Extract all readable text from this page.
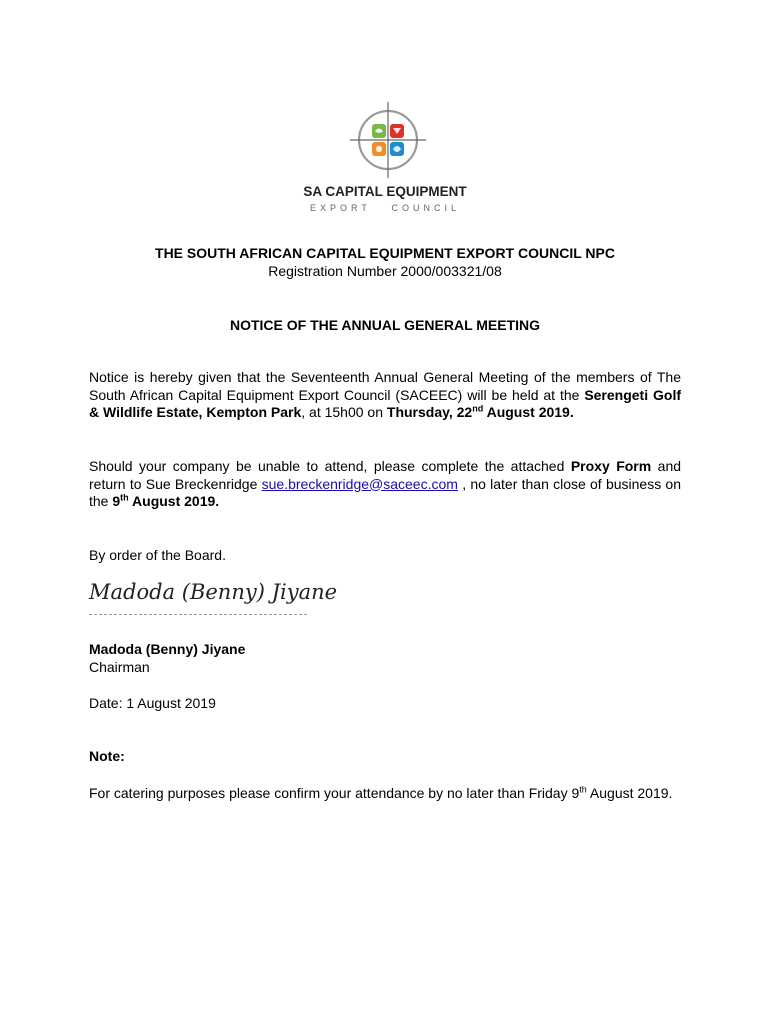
SA CAPITAL EQUIPMENT
EXPORT COUNCIL
THE SOUTH AFRICAN CAPITAL EQUIPMENT EXPORT COUNCIL NPC
Registration Number 2000/003321/08
NOTICE OF THE ANNUAL GENERAL MEETING
Notice is hereby given that the Seventeenth Annual General Meeting of the members of The South African Capital Equipment Export Council (SACEEC) will be held at the Serengeti Golf & Wildlife Estate, Kempton Park, at 15h00 on Thursday, 22nd August 2019.
Should your company be unable to attend, please complete the attached Proxy Form and return to Sue Breckenridge sue.breckenridge@saceec.com , no later than close of business on the 9th August 2019.
By order of the Board.
Madoda (Benny) Jiyane
Madoda (Benny) Jiyane
Chairman
Date: 1 August 2019
Note:
For catering purposes please confirm your attendance by no later than Friday 9th August 2019.
